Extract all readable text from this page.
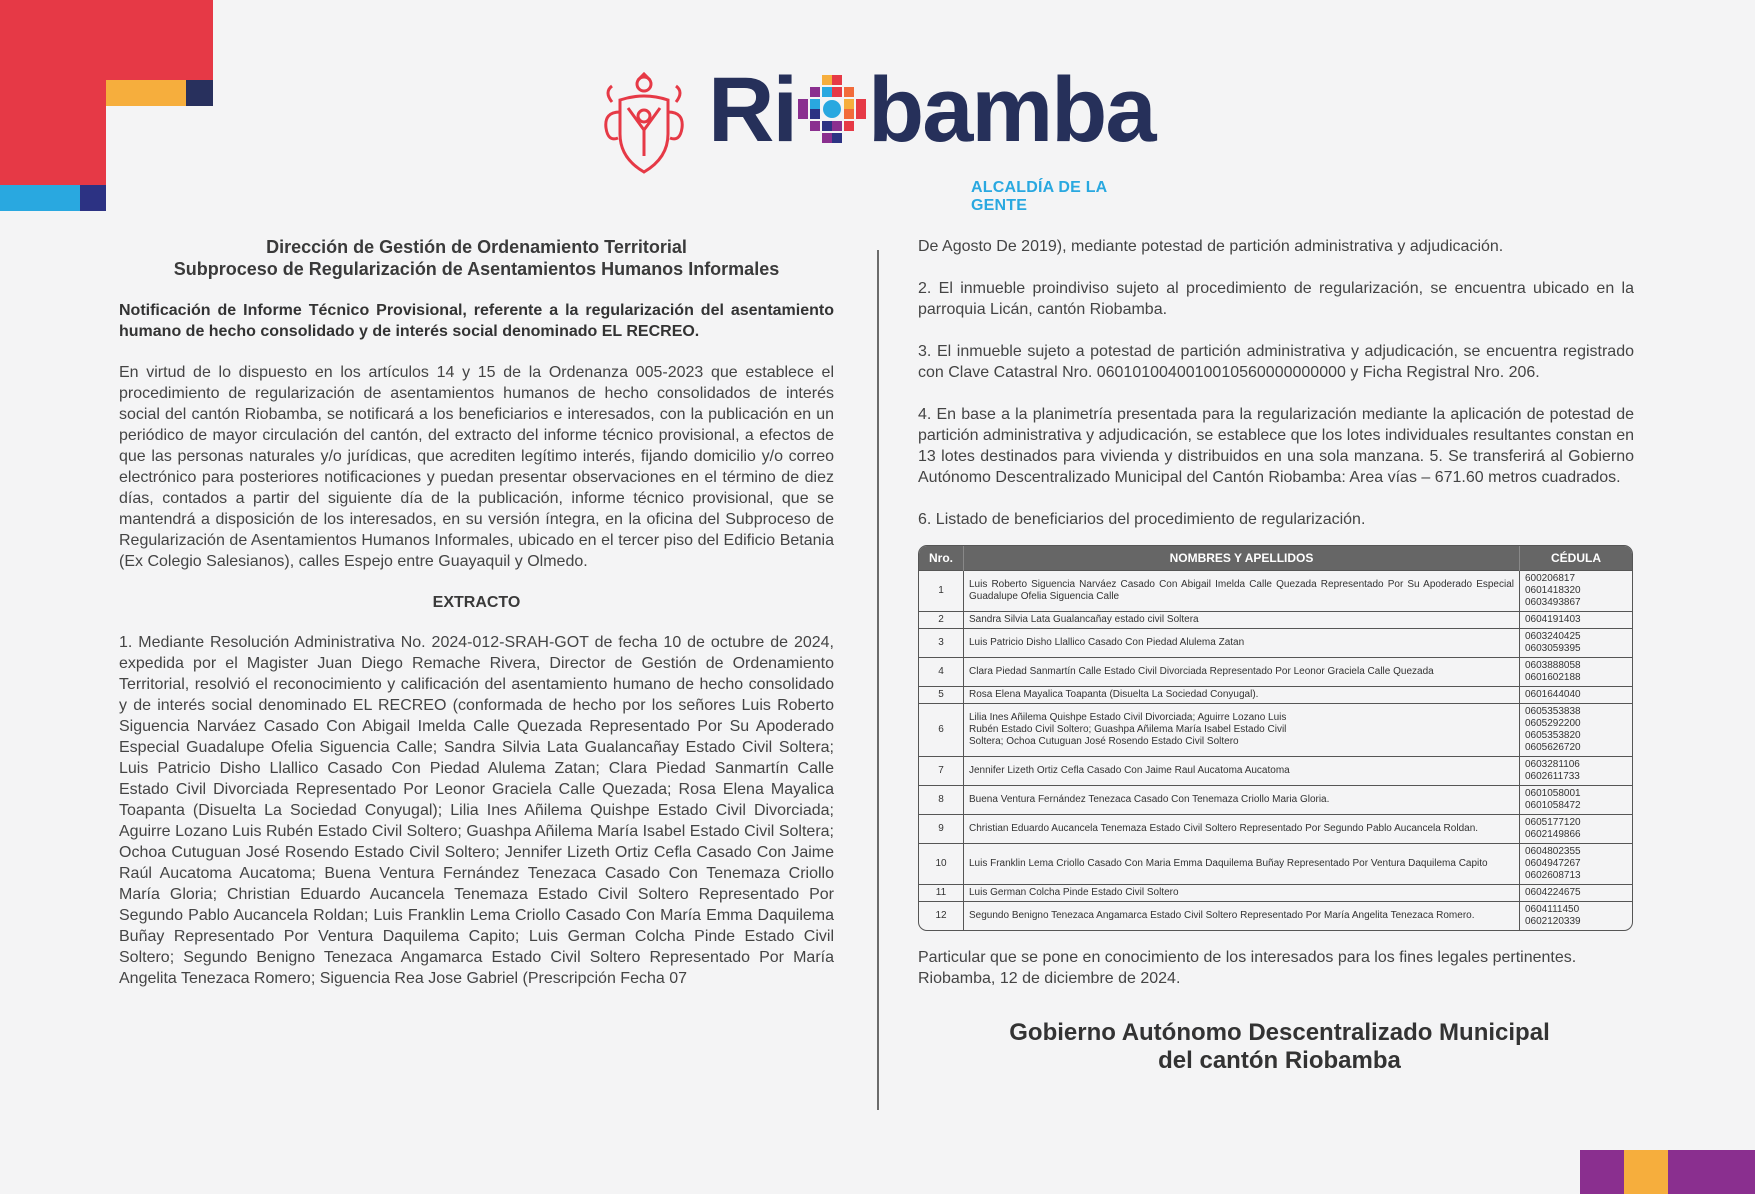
Ri bamba
ALCALDÍA DE LA GENTE
Dirección de Gestión de Ordenamiento Territorial
Subproceso de Regularización de Asentamientos Humanos Informales
Notificación de Informe Técnico Provisional, referente a la regularización del asentamiento humano de hecho consolidado y de interés social denominado EL RECREO.
En virtud de lo dispuesto en los artículos 14 y 15 de la Ordenanza 005-2023 que establece el procedimiento de regularización de asentamientos humanos de hecho consolidados de interés social del cantón Riobamba, se notificará a los beneficiarios e interesados, con la publicación en un periódico de mayor circulación del cantón, del extracto del informe técnico provisional, a efectos de que las personas naturales y/o jurídicas, que acrediten legítimo interés, fijando domicilio y/o correo electrónico para posteriores notificaciones y puedan presentar observaciones en el término de diez días, contados a partir del siguiente día de la publicación, informe técnico provisional, que se mantendrá a disposición de los interesados, en su versión íntegra, en la oficina del Subproceso de Regularización de Asentamientos Humanos Informales, ubicado en el tercer piso del Edificio Betania (Ex Colegio Salesianos), calles Espejo entre Guayaquil y Olmedo.
EXTRACTO
1. Mediante Resolución Administrativa No. 2024-012-SRAH-GOT de fecha 10 de octubre de 2024, expedida por el Magister Juan Diego Remache Rivera, Director de Gestión de Ordenamiento Territorial, resolvió el reconocimiento y calificación del asentamiento humano de hecho consolidado y de interés social denominado EL RECREO (conformada de hecho por los señores Luis Roberto Siguencia Narváez Casado Con Abigail Imelda Calle Quezada Representado Por Su Apoderado Especial Guadalupe Ofelia Siguencia Calle; Sandra Silvia Lata Gualancañay Estado Civil Soltera; Luis Patricio Disho Llallico Casado Con Piedad Alulema Zatan; Clara Piedad Sanmartín Calle Estado Civil Divorciada Representado Por Leonor Graciela Calle Quezada; Rosa Elena Mayalica Toapanta (Disuelta La Sociedad Conyugal); Lilia Ines Añilema Quishpe Estado Civil Divorciada; Aguirre Lozano Luis Rubén Estado Civil Soltero; Guashpa Añilema María Isabel Estado Civil Soltera; Ochoa Cutuguan José Rosendo Estado Civil Soltero; Jennifer Lizeth Ortiz Cefla Casado Con Jaime Raúl Aucatoma Aucatoma; Buena Ventura Fernández Tenezaca Casado Con Tenemaza Criollo María Gloria; Christian Eduardo Aucancela Tenemaza Estado Civil Soltero Representado Por Segundo Pablo Aucancela Roldan; Luis Franklin Lema Criollo Casado Con María Emma Daquilema Buñay Representado Por Ventura Daquilema Capito; Luis German Colcha Pinde Estado Civil Soltero; Segundo Benigno Tenezaca Angamarca Estado Civil Soltero Representado Por María Angelita Tenezaca Romero; Siguencia Rea Jose Gabriel (Prescripción Fecha 07

De Agosto De 2019), mediante potestad de partición administrativa y adjudicación.

2. El inmueble proindiviso sujeto al procedimiento de regularización, se encuentra ubicado en la parroquia Licán, cantón Riobamba.

3. El inmueble sujeto a potestad de partición administrativa y adjudicación, se encuentra registrado con Clave Catastral Nro. 0601010040010010560000000000 y Ficha Registral Nro. 206.

4. En base a la planimetría presentada para la regularización mediante la aplicación de potestad de partición administrativa y adjudicación, se establece que los lotes individuales resultantes constan en 13 lotes destinados para vivienda y distribuidos en una sola manzana. 5. Se transferirá al Gobierno Autónomo Descentralizado Municipal del Cantón Riobamba: Area vías – 671.60 metros cuadrados.

6. Listado de beneficiarios del procedimiento de regularización.

Nro.	NOMBRES Y APELLIDOS	CÉDULA
1	Luis Roberto Siguencia Narváez Casado Con Abigail Imelda Calle Quezada Representado Por Su Apoderado Especial Guadalupe Ofelia Siguencia Calle	600206817
0601418320
0603493867
2	Sandra Silvia Lata Gualancañay estado civil Soltera	0604191403
3	Luis Patricio Disho Llallico Casado Con Piedad Alulema Zatan	0603240425
0603059395
4	Clara Piedad Sanmartín Calle Estado Civil Divorciada Representado Por Leonor Graciela Calle Quezada	0603888058
0601602188
5	Rosa Elena Mayalica Toapanta (Disuelta La Sociedad Conyugal).	0601644040
6	Lilia Ines Añilema Quishpe Estado Civil Divorciada; Aguirre Lozano Luis
Rubén Estado Civil Soltero; Guashpa Añilema María Isabel Estado Civil
Soltera; Ochoa Cutuguan José Rosendo Estado Civil Soltero	0605353838
0605292200
0605353820
0605626720
7	Jennifer Lizeth Ortiz Cefla Casado Con Jaime Raul Aucatoma Aucatoma	0603281106
0602611733
8	Buena Ventura Fernández Tenezaca Casado Con Tenemaza Criollo Maria Gloria.	0601058001
0601058472
9	Christian Eduardo Aucancela Tenemaza Estado Civil Soltero Representado Por Segundo Pablo Aucancela Roldan.	0605177120
0602149866
10	Luis Franklin Lema Criollo Casado Con Maria Emma Daquilema Buñay Representado Por Ventura Daquilema Capito	0604802355
0604947267
0602608713
11	Luis German Colcha Pinde Estado Civil Soltero	0604224675
12	Segundo Benigno Tenezaca Angamarca Estado Civil Soltero Representado Por María Angelita Tenezaca Romero.	0604111450
0602120339
Particular que se pone en conocimiento de los interesados para los fines legales pertinentes.
Riobamba, 12 de diciembre de 2024.
Gobierno Autónomo Descentralizado Municipal
del cantón Riobamba
